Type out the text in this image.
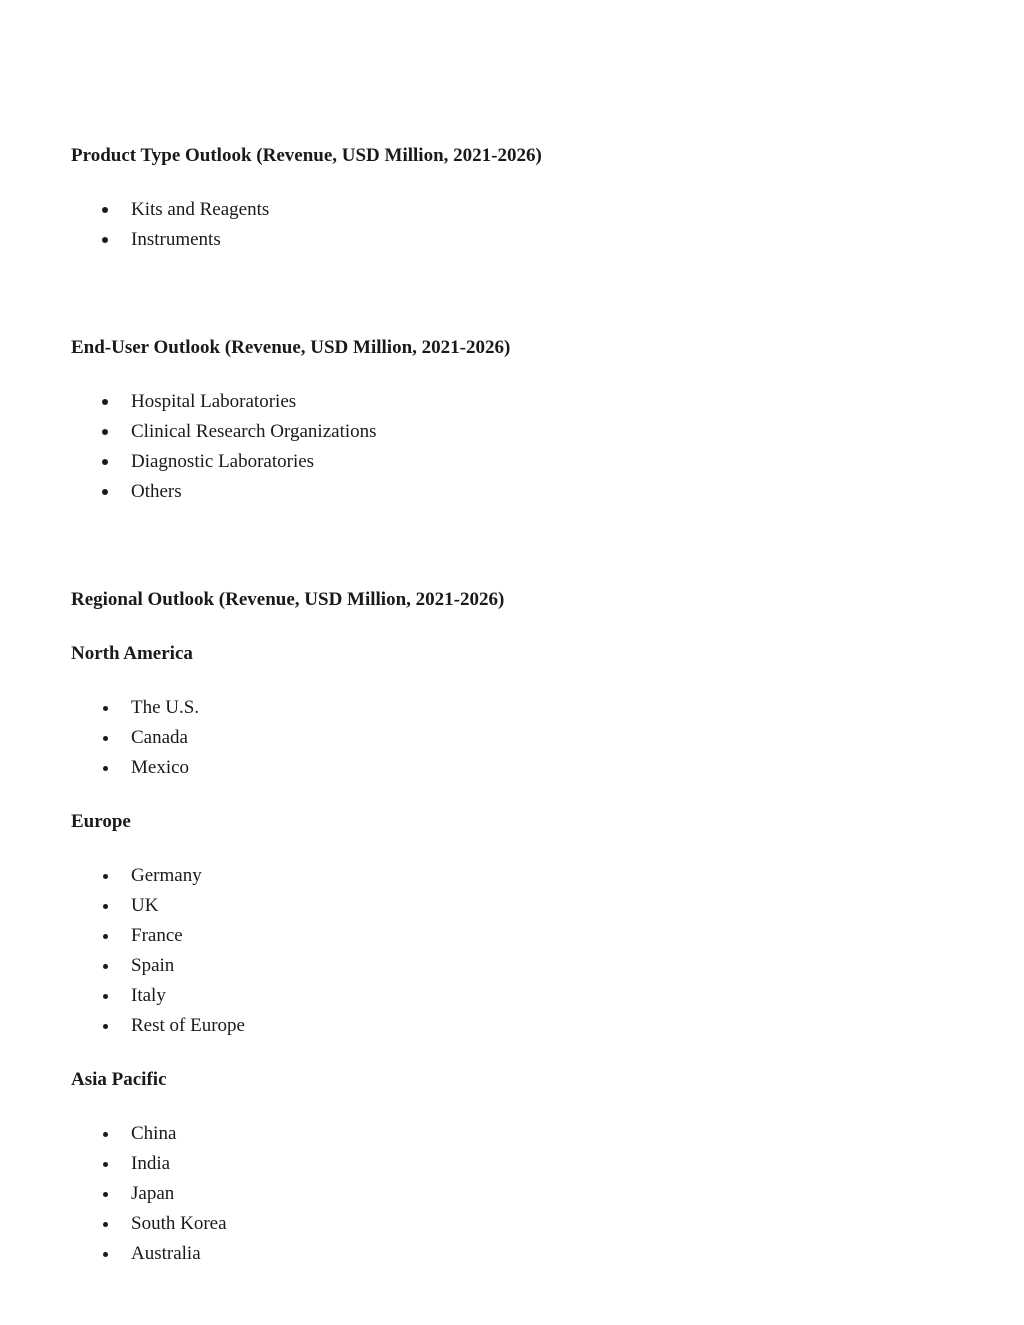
Product Type Outlook (Revenue, USD Million, 2021-2026)
Kits and Reagents
Instruments
End-User Outlook (Revenue, USD Million, 2021-2026)
Hospital Laboratories
Clinical Research Organizations
Diagnostic Laboratories
Others
Regional Outlook (Revenue, USD Million, 2021-2026)
North America
The U.S.
Canada
Mexico
Europe
Germany
UK
France
Spain
Italy
Rest of Europe
Asia Pacific
China
India
Japan
South Korea
Australia
